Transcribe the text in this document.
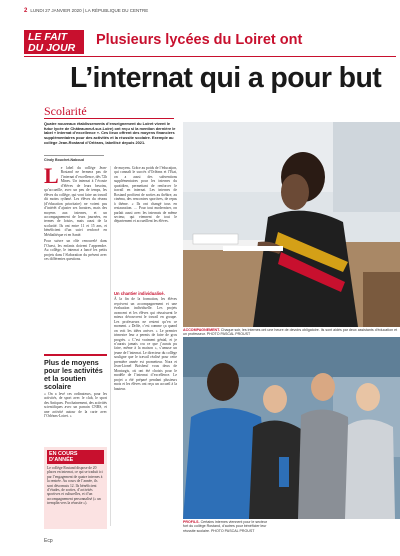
2 LUNDI 27 JANVIER 2020 | LA RÉPUBLIQUE DU CENTRE
LE FAIT
DU JOUR	Plusieurs lycées du Loiret ont
L’internat qui a pour but
Scolarité
Quatre nouveaux établissements d’enseignement du Loiret vivent le futur lycée de Châteauneuf-sur-Loire) ont reçu si la mention dernière le label « Internat d’excellence ». Ces lieux offrent des moyens financiers supplémentaires pour des activités et la réussite scolaire. Exemple au collège Jean-Rostand d’Orléans, labellisé depuis 2021.
Cindy Bouchet-Naboud
Le label du collège Jean-Rostand ne fermera pas de l’internat d’excellence, dès 72h Mines. Un internat à l’écoute d’élèves de leurs besoins, qu’accueille, avec un peu de temps, les élèves du collège, qui vont faire un travail dit moins rythmé. Les élèves du réseau (d’éducation prioritaire) ne voient pas d’intérêt d’ajuster ses horaires, mais des moyens aux internes, et un accompagnement de leurs journées, en termes de loisirs, mais aussi de la scolarité. Ils ont entre 11 et 15 ans, et bénéficient d’un suivi renforcé en Médiathèque et en Santé.

Pour suivre un rôle renouvelé dans l’Ouest, les enfants doivent l’apprendre. Au collège, le internat a lancé les petits projets dans l’élaboration du présent avec ces différentes questions.

Plus de moyens pour les activités et la soutien scolaire
« On a levé ces ordinateurs, pour les activités, de sport avec le club, le sport des Antiques. Prochainement, des activités scientifiques avec un parrain CNRS, et une activité autour de la carte avec l’Orléans-Loiret. »
EN COURS D’ANNÉE
Le collège Rostand dispose de 20 places en internat, ce qui se traduit ici par l’engagement de quatre internes à la rentrée. Au cours de l’année, ils sont désormais 12. Ils bénéficient d’études, de sorties, d’activités sportives et culturelles, et d’un accompagnement personnalisé (« un tremplin vers la réussite »).
de moyens. Grâce au poids de l’éducation, qui connaît le succès d’Orléans et l’État, on a aussi des subventions supplémentaires pour les internes du quotidien, permettant de renforcer le travail en internat. Les internes de Rostand profitent de sorties au théâtre, au cinéma, des rencontres sportives, de repas à thème. « Ils ont changé tous en restauration. … Pour tout moderniser, on parlait aussi avec les internats de même secteur, qui viennent de tout le département et accueillent les élèves.
Un chantier individualisé.
À la fin de la formation, les élèves reçoivent un accompagnement et une évaluation individuelle. Les projets avancent et les élèves qui réussissent le mieux découvrent le travail en groupe. Les professeurs ne restent qu’en ce moment. « Drôle, c’est comme ça quand on voit les idées arriver. » Le premier trimestre leur a permis de faire de gros progrès. « C’est vraiment génial, et je n’aurais jamais cru ce que j’aurais pu faire, même à la maison », s’amuse un jeune de l’internat. Le directeur du collège souligne que le travail réalisé pour cette première année est prometteur. Nora et Jean-Lionel Boisbeuf vous deux de Montargis, où ont été choisis pour le modèle de l’internat d’excellence. Le projet a été préparé pendant plusieurs mois et les élèves ont reçu un accueil à la hauteur.
ACCOMPAGNEMENT. Chaque soir, les internes ont une heure de devoirs obligatoire. Ils sont aidés par deux assistants d’éducation et un professeur. PHOTO PASCAL PROUST
PROFILS. Certains internes viennent pour le secteur fort du collège Rostand, d’autres pour bénéficier leur réussite scolaire. PHOTO PASCAL PROUST
Ecp
